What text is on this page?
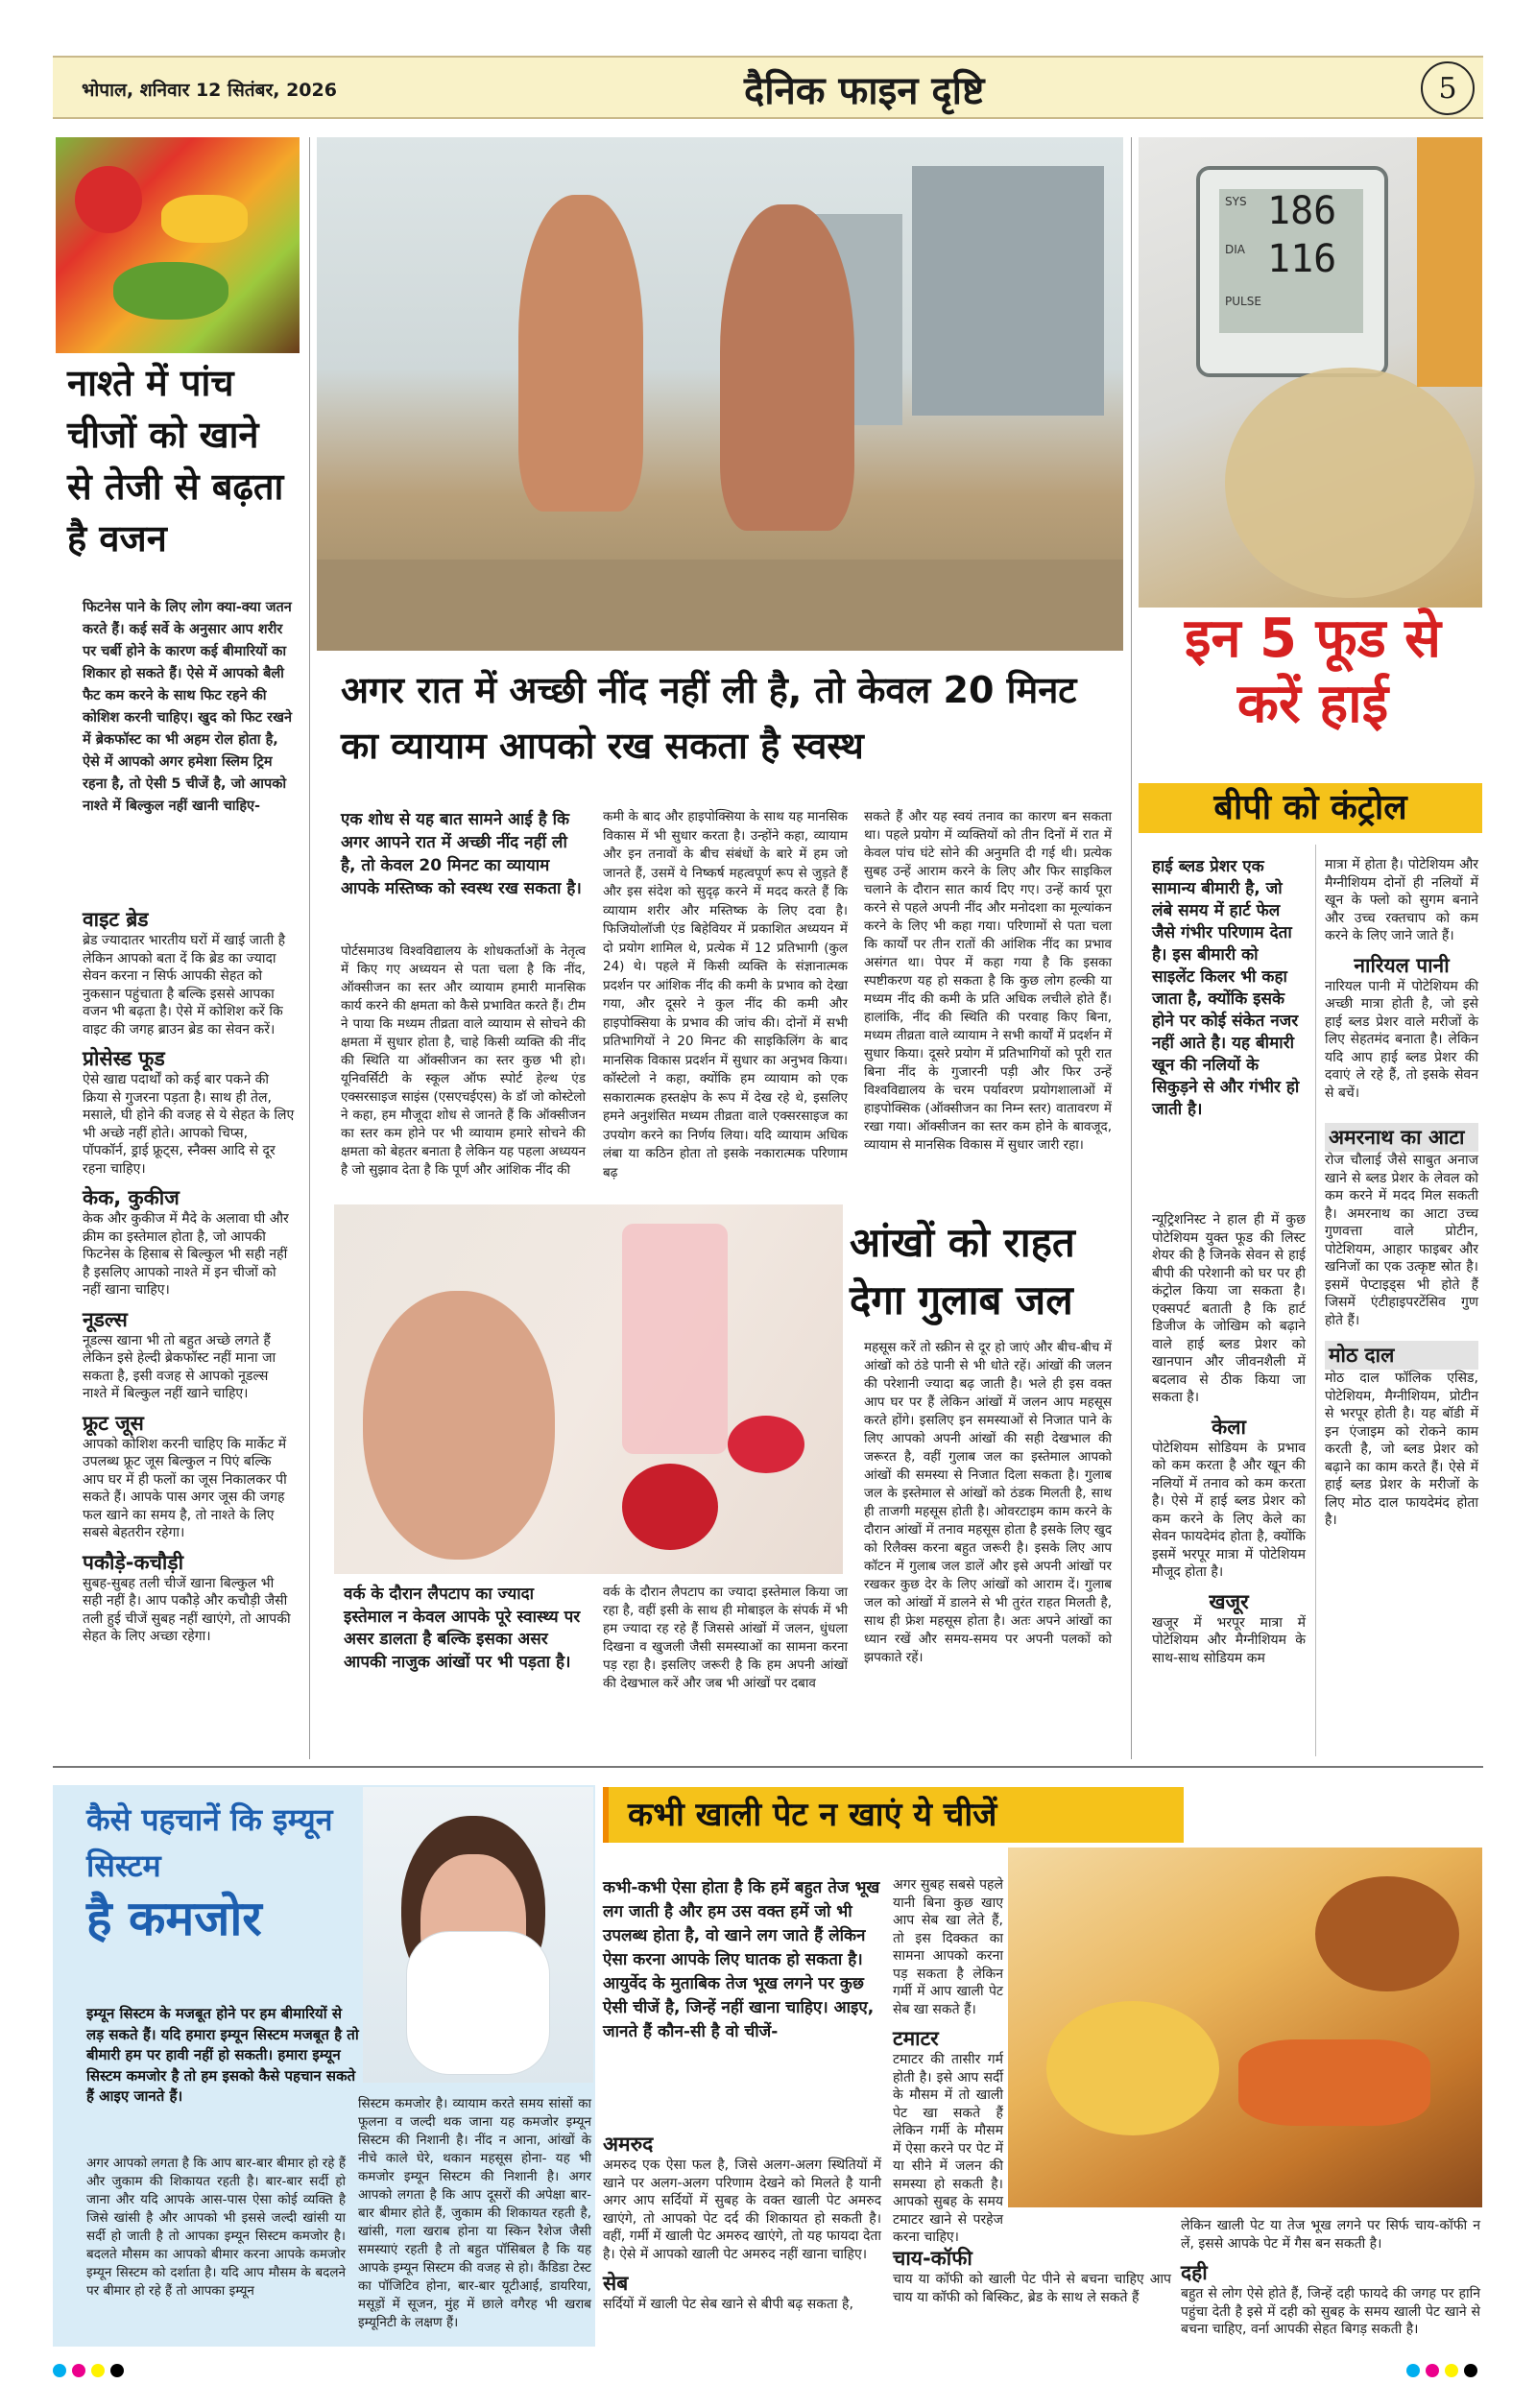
भोपाल, शनिवार 12 सितंबर, 2026	दैनिक फाइन दृष्टि	5
नाश्ते में पांच चीजों को खाने से तेजी से बढ़ता है वजन
फिटनेस पाने के लिए लोग क्या-क्या जतन करते हैं। कई सर्वे के अनुसार आप शरीर पर चर्बी होने के कारण कई बीमारियों का शिकार हो सकते हैं। ऐसे में आपको बैली फैट कम करने के साथ फिट रहने की कोशिश करनी चाहिए। खुद को फिट रखने में ब्रेकफॉस्ट का भी अहम रोल होता है, ऐसे में आपको अगर हमेशा स्लिम ट्रिम रहना है, तो ऐसी 5 चीजें है, जो आपको नाश्ते में बिल्कुल नहीं खानी चाहिए-
वाइट ब्रेड
ब्रेड ज्यादातर भारतीय घरों में खाई जाती है लेकिन आपको बता दें कि ब्रेड का ज्यादा सेवन करना न सिर्फ आपकी सेहत को नुकसान पहुंचाता है बल्कि इससे आपका वजन भी बढ़ता है। ऐसे में कोशिश करें कि वाइट की जगह ब्राउन ब्रेड का सेवन करें।
प्रोसेस्ड फूड
ऐसे खाद्य पदार्थों को कई बार पकने की क्रिया से गुजरना पड़ता है। साथ ही तेल, मसाले, घी होने की वजह से ये सेहत के लिए भी अच्छे नहीं होते। आपको चिप्स, पॉपकॉर्न, ड्राई फ्रूट्स, स्नैक्स आदि से दूर रहना चाहिए।
केक, कुकीज
केक और कुकीज में मैदे के अलावा घी और क्रीम का इस्तेमाल होता है, जो आपकी फिटनेस के हिसाब से बिल्कुल भी सही नहीं है इसलिए आपको नाश्ते में इन चीजों को नहीं खाना चाहिए।
नूडल्स
नूडल्स खाना भी तो बहुत अच्छे लगते हैं लेकिन इसे हेल्दी ब्रेकफॉस्ट नहीं माना जा सकता है, इसी वजह से आपको नूडल्स नाश्ते में बिल्कुल नहीं खाने चाहिए।
फ्रूट जूस
आपको कोशिश करनी चाहिए कि मार्केट में उपलब्ध फ्रूट जूस बिल्कुल न पिएं बल्कि आप घर में ही फलों का जूस निकालकर पी सकते हैं। आपके पास अगर जूस की जगह फल खाने का समय है, तो नाश्ते के लिए सबसे बेहतरीन रहेगा।
पकौड़े-कचौड़ी
सुबह-सुबह तली चीजें खाना बिल्कुल भी सही नहीं है। आप पकौड़े और कचौड़ी जैसी तली हुई चीजें सुबह नहीं खाएंगे, तो आपकी सेहत के लिए अच्छा रहेगा।
अगर रात में अच्छी नींद नहीं ली है, तो केवल 20 मिनट का व्यायाम आपको रख सकता है स्वस्थ
एक शोध से यह बात सामने आई है कि अगर आपने रात में अच्छी नींद नहीं ली है, तो केवल 20 मिनट का व्यायाम आपके मस्तिष्क को स्वस्थ रख सकता है।
पोर्टसमाउथ विश्वविद्यालय के शोधकर्ताओं के नेतृत्व में किए गए अध्ययन से पता चला है कि नींद, ऑक्सीजन का स्तर और व्यायाम हमारी मानसिक कार्य करने की क्षमता को कैसे प्रभावित करते हैं। टीम ने पाया कि मध्यम तीव्रता वाले व्यायाम से सोचने की क्षमता में सुधार होता है, चाहे किसी व्यक्ति की नींद की स्थिति या ऑक्सीजन का स्तर कुछ भी हो। यूनिवर्सिटी के स्कूल ऑफ स्पोर्ट हेल्थ एंड एक्सरसाइज साइंस (एसएचईएस) के डॉ जो कोस्टेलो ने कहा, हम मौजूदा शोध से जानते हैं कि ऑक्सीजन का स्तर कम होने पर भी व्यायाम हमारे सोचने की क्षमता को बेहतर बनाता है लेकिन यह पहला अध्ययन है जो सुझाव देता है कि पूर्ण और आंशिक नींद की
कमी के बाद और हाइपोक्सिया के साथ यह मानसिक विकास में भी सुधार करता है। उन्होंने कहा, व्यायाम और इन तनावों के बीच संबंधों के बारे में हम जो जानते हैं, उसमें ये निष्कर्ष महत्वपूर्ण रूप से जुड़ते हैं और इस संदेश को सुदृढ़ करने में मदद करते हैं कि व्यायाम शरीर और मस्तिष्क के लिए दवा है। फिजियोलॉजी एंड बिहेवियर में प्रकाशित अध्ययन में दो प्रयोग शामिल थे, प्रत्येक में 12 प्रतिभागी (कुल 24) थे। पहले में किसी व्यक्ति के संज्ञानात्मक प्रदर्शन पर आंशिक नींद की कमी के प्रभाव को देखा गया, और दूसरे ने कुल नींद की कमी और हाइपोक्सिया के प्रभाव की जांच की। दोनों में सभी प्रतिभागियों ने 20 मिनट की साइकिलिंग के बाद मानसिक विकास प्रदर्शन में सुधार का अनुभव किया। कॉस्टेलो ने कहा, क्योंकि हम व्यायाम को एक सकारात्मक हस्तक्षेप के रूप में देख रहे थे, इसलिए हमने अनुशंसित मध्यम तीव्रता वाले एक्सरसाइज का उपयोग करने का निर्णय लिया। यदि व्यायाम अधिक लंबा या कठिन होता तो इसके नकारात्मक परिणाम बढ़
सकते हैं और यह स्वयं तनाव का कारण बन सकता था। पहले प्रयोग में व्यक्तियों को तीन दिनों में रात में केवल पांच घंटे सोने की अनुमति दी गई थी। प्रत्येक सुबह उन्हें आराम करने के लिए और फिर साइकिल चलाने के दौरान सात कार्य दिए गए। उन्हें कार्य पूरा करने से पहले अपनी नींद और मनोदशा का मूल्यांकन करने के लिए भी कहा गया। परिणामों से पता चला कि कार्यों पर तीन रातों की आंशिक नींद का प्रभाव असंगत था। पेपर में कहा गया है कि इसका स्पष्टीकरण यह हो सकता है कि कुछ लोग हल्की या मध्यम नींद की कमी के प्रति अधिक लचीले होते हैं। हालांकि, नींद की स्थिति की परवाह किए बिना, मध्यम तीव्रता वाले व्यायाम ने सभी कार्यों में प्रदर्शन में सुधार किया। दूसरे प्रयोग में प्रतिभागियों को पूरी रात बिना नींद के गुजारनी पड़ी और फिर उन्हें विश्वविद्यालय के चरम पर्यावरण प्रयोगशालाओं में हाइपोक्सिक (ऑक्सीजन का निम्न स्तर) वातावरण में रखा गया। ऑक्सीजन का स्तर कम होने के बावजूद, व्यायाम से मानसिक विकास में सुधार जारी रहा।
आंखों को राहत देगा गुलाब जल
वर्क के दौरान लैपटाप का ज्यादा इस्तेमाल न केवल आपके पूरे स्वास्थ्य पर असर डालता है बल्कि इसका असर आपकी नाजुक आंखों पर भी पड़ता है।
वर्क के दौरान लैपटाप का ज्यादा इस्तेमाल किया जा रहा है, वहीं इसी के साथ ही मोबाइल के संपर्क में भी हम ज्यादा रह रहे हैं जिससे आंखों में जलन, धुंधला दिखना व खुजली जैसी समस्याओं का सामना करना पड़ रहा है। इसलिए जरूरी है कि हम अपनी आंखों की देखभाल करें और जब भी आंखों पर दबाव
महसूस करें तो स्क्रीन से दूर हो जाएं और बीच-बीच में आंखों को ठंडे पानी से भी धोते रहें। आंखों की जलन की परेशानी ज्यादा बढ़ जाती है। भले ही इस वक्त आप घर पर हैं लेकिन आंखों में जलन आप महसूस करते होंगे। इसलिए इन समस्याओं से निजात पाने के लिए आपको अपनी आंखों की सही देखभाल की जरूरत है, वहीं गुलाब जल का इस्तेमाल आपको आंखों की समस्या से निजात दिला सकता है। गुलाब जल के इस्तेमाल से आंखों को ठंडक मिलती है, साथ ही ताजगी महसूस होती है। ओवरटाइम काम करने के दौरान आंखों में तनाव महसूस होता है इसके लिए खुद को रिलैक्स करना बहुत जरूरी है। इसके लिए आप कॉटन में गुलाब जल डालें और इसे अपनी आंखों पर रखकर कुछ देर के लिए आंखों को आराम दें। गुलाब जल को आंखों में डालने से भी तुरंत राहत मिलती है, साथ ही फ्रेश महसूस होता है। अतः अपने आंखों का ध्यान रखें और समय-समय पर अपनी पलकों को झपकाते रहें।
SYS 186
DIA 116
PULSE
इन 5 फूड से करें हाई
बीपी को कंट्रोल
हाई ब्लड प्रेशर एक सामान्य बीमारी है, जो लंबे समय में हार्ट फेल जैसे गंभीर परिणाम देता है। इस बीमारी को साइलेंट किलर भी कहा जाता है, क्योंकि इसके होने पर कोई संकेत नजर नहीं आते है। यह बीमारी खून की नलियों के सिकुड़ने से और गंभीर हो जाती है।
न्यूट्रिशनिस्ट ने हाल ही में कुछ पोटेशियम युक्त फूड की लिस्ट शेयर की है जिनके सेवन से हाई बीपी की परेशानी को घर पर ही कंट्रोल किया जा सकता है। एक्सपर्ट बताती है कि हार्ट डिजीज के जोखिम को बढ़ाने वाले हाई ब्लड प्रेशर को खानपान और जीवनशैली में बदलाव से ठीक किया जा सकता है।
केला
पोटेशियम सोडियम के प्रभाव को कम करता है और खून की नलियों में तनाव को कम करता है। ऐसे में हाई ब्लड प्रेशर को कम करने के लिए केले का सेवन फायदेमंद होता है, क्योंकि इसमें भरपूर मात्रा में पोटेशियम मौजूद होता है।
खजूर
खजूर में भरपूर मात्रा में पोटेशियम और मैग्नीशियम के साथ-साथ सोडियम कम
मात्रा में होता है। पोटेशियम और मैग्नीशियम दोनों ही नलियों में खून के फ्लो को सुगम बनाने और उच्च रक्तचाप को कम करने के लिए जाने जाते हैं।
नारियल पानी
नारियल पानी में पोटेशियम की अच्छी मात्रा होती है, जो इसे हाई ब्लड प्रेशर वाले मरीजों के लिए सेहतमंद बनाता है। लेकिन यदि आप हाई ब्लड प्रेशर की दवाएं ले रहे हैं, तो इसके सेवन से बचें।
अमरनाथ का आटा
रोज चौलाई जैसे साबुत अनाज खाने से ब्लड प्रेशर के लेवल को कम करने में मदद मिल सकती है। अमरनाथ का आटा उच्च गुणवत्ता वाले प्रोटीन, पोटेशियम, आहार फाइबर और खनिजों का एक उत्कृष्ट स्रोत है। इसमें पेप्टाइड्स भी होते हैं जिसमें एंटीहाइपरटेंसिव गुण होते हैं।
मोठ दाल
मोठ दाल फॉलिक एसिड, पोटेशियम, मैग्नीशियम, प्रोटीन से भरपूर होती है। यह बॉडी में इन एंजाइम को रोकने काम करती है, जो ब्लड प्रेशर को बढ़ाने का काम करते हैं। ऐसे में हाई ब्लड प्रेशर के मरीजों के लिए मोठ दाल फायदेमंद होता है।
कैसे पहचानें कि इम्यून सिस्टम
है कमजोर
इम्यून सिस्टम के मजबूत होने पर हम बीमारियों से लड़ सकते हैं। यदि हमारा इम्यून सिस्टम मजबूत है तो बीमारी हम पर हावी नहीं हो सकती। हमारा इम्यून सिस्टम कमजोर है तो हम इसको कैसे पहचान सकते हैं आइए जानते हैं।
अगर आपको लगता है कि आप बार-बार बीमार हो रहे हैं और जुकाम की शिकायत रहती है। बार-बार सर्दी हो जाना और यदि आपके आस-पास ऐसा कोई व्यक्ति है जिसे खांसी है और आपको भी इससे जल्दी खांसी या सर्दी हो जाती है तो आपका इम्यून सिस्टम कमजोर है। बदलते मौसम का आपको बीमार करना आपके कमजोर इम्यून सिस्टम को दर्शाता है। यदि आप मौसम के बदलने पर बीमार हो रहे हैं तो आपका इम्यून
सिस्टम कमजोर है। व्यायाम करते समय सांसों का फूलना व जल्दी थक जाना यह कमजोर इम्यून सिस्टम की निशानी है। नींद न आना, आंखों के नीचे काले घेरे, थकान महसूस होना- यह भी कमजोर इम्यून सिस्टम की निशानी है। अगर आपको लगता है कि आप दूसरों की अपेक्षा बार-बार बीमार होते हैं, जुकाम की शिकायत रहती है, खांसी, गला खराब होना या स्किन रैशेज जैसी समस्याएं रहती है तो बहुत पॉसिबल है कि यह आपके इम्यून सिस्टम की वजह से हो। कैंडिडा टेस्ट का पॉजिटिव होना, बार-बार यूटीआई, डायरिया, मसूड़ों में सूजन, मुंह में छाले वगैरह भी खराब इम्यूनिटी के लक्षण हैं।
कभी खाली पेट न खाएं ये चीजें
कभी-कभी ऐसा होता है कि हमें बहुत तेज भूख लग जाती है और हम उस वक्त हमें जो भी उपलब्ध होता है, वो खाने लग जाते हैं लेकिन ऐसा करना आपके लिए घातक हो सकता है। आयुर्वेद के मुताबिक तेज भूख लगने पर कुछ ऐसी चीजें है, जिन्हें नहीं खाना चाहिए। आइए, जानते हैं कौन-सी है वो चीजें-
अमरुद
अमरुद एक ऐसा फल है, जिसे अलग-अलग स्थितियों में खाने पर अलग-अलग परिणाम देखने को मिलते है यानी अगर आप सर्दियों में सुबह के वक्त खाली पेट अमरुद खाएंगे, तो आपको पेट दर्द की शिकायत हो सकती है। वहीं, गर्मी में खाली पेट अमरुद खाएंगे, तो यह फायदा देता है। ऐसे में आपको खाली पेट अमरुद नहीं खाना चाहिए।
सेब
सर्दियों में खाली पेट सेब खाने से बीपी बढ़ सकता है,
अगर सुबह सबसे पहले यानी बिना कुछ खाए आप सेब खा लेते हैं, तो इस दिक्कत का सामना आपको करना पड़ सकता है लेकिन गर्मी में आप खाली पेट सेब खा सकते हैं।
टमाटर
टमाटर की तासीर गर्म होती है। इसे आप सर्दी के मौसम में तो खाली पेट खा सकते हैं लेकिन गर्मी के मौसम में ऐसा करने पर पेट में या सीने में जलन की समस्या हो सकती है। आपको सुबह के समय टमाटर खाने से परहेज करना चाहिए।
चाय-कॉफी
चाय या कॉफी को खाली पेट पीने से बचना चाहिए आप चाय या कॉफी को बिस्किट, ब्रेड के साथ ले सकते हैं
लेकिन खाली पेट या तेज भूख लगने पर सिर्फ चाय-कॉफी न लें, इससे आपके पेट में गैस बन सकती है।
दही
बहुत से लोग ऐसे होते हैं, जिन्हें दही फायदे की जगह पर हानि पहुंचा देती है इसे में दही को सुबह के समय खाली पेट खाने से बचना चाहिए, वर्ना आपकी सेहत बिगड़ सकती है।
